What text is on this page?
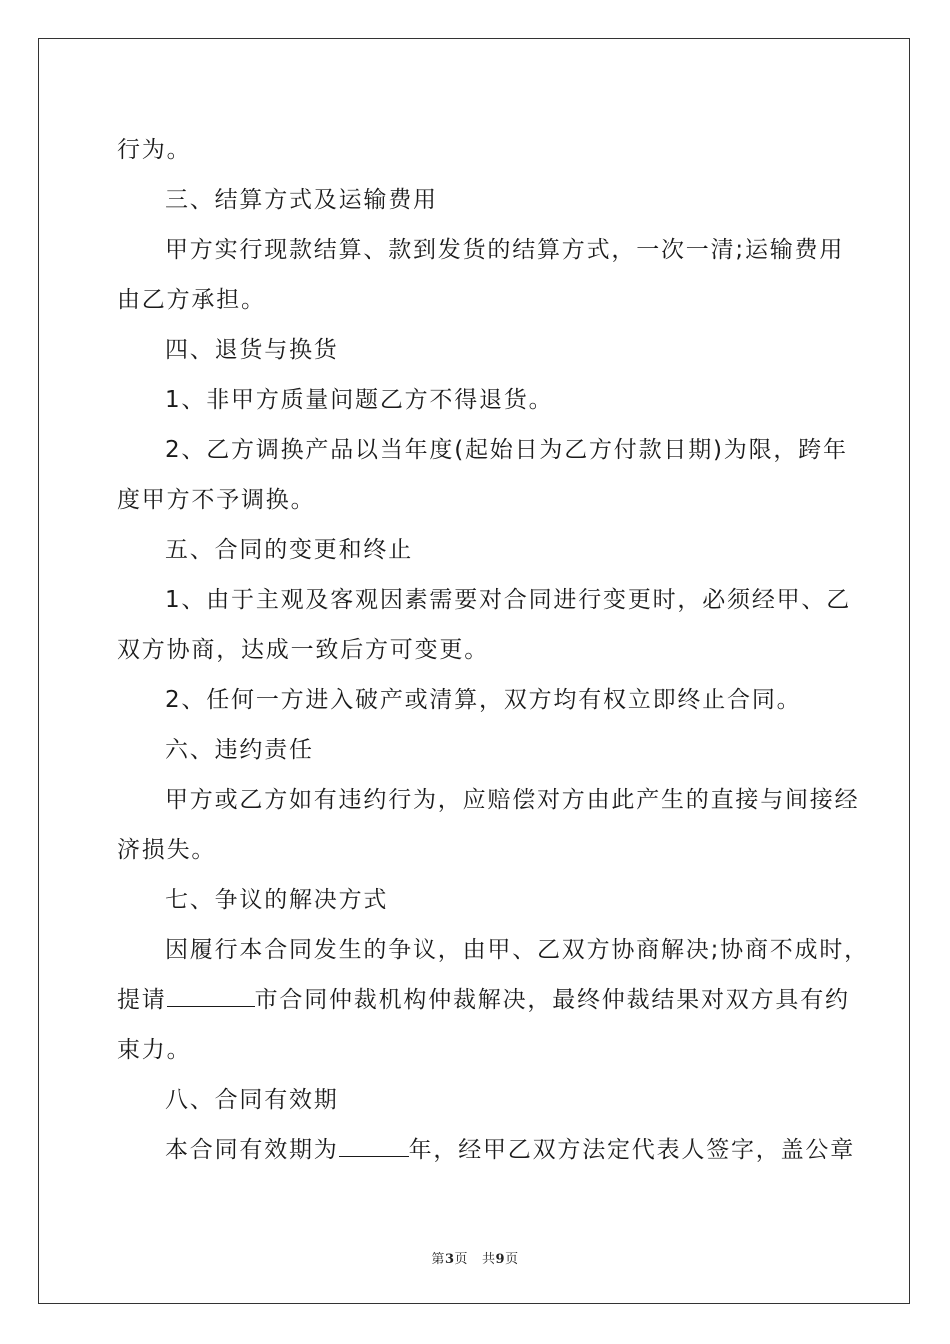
行为。
三、结算方式及运输费用
甲方实行现款结算、款到发货的结算方式，一次一清;运输费用
由乙方承担。
四、退货与换货
1、非甲方质量问题乙方不得退货。
2、乙方调换产品以当年度(起始日为乙方付款日期)为限，跨年
度甲方不予调换。
五、合同的变更和终止
1、由于主观及客观因素需要对合同进行变更时，必须经甲、乙
双方协商，达成一致后方可变更。
2、任何一方进入破产或清算，双方均有权立即终止合同。
六、违约责任
甲方或乙方如有违约行为，应赔偿对方由此产生的直接与间接经
济损失。
七、争议的解决方式
因履行本合同发生的争议，由甲、乙双方协商解决;协商不成时，
提请	市合同仲裁机构仲裁解决，最终仲裁结果对双方具有约
束力。
八、合同有效期
本合同有效期为	年，经甲乙双方法定代表人签字，盖公章
第3页 共9页
